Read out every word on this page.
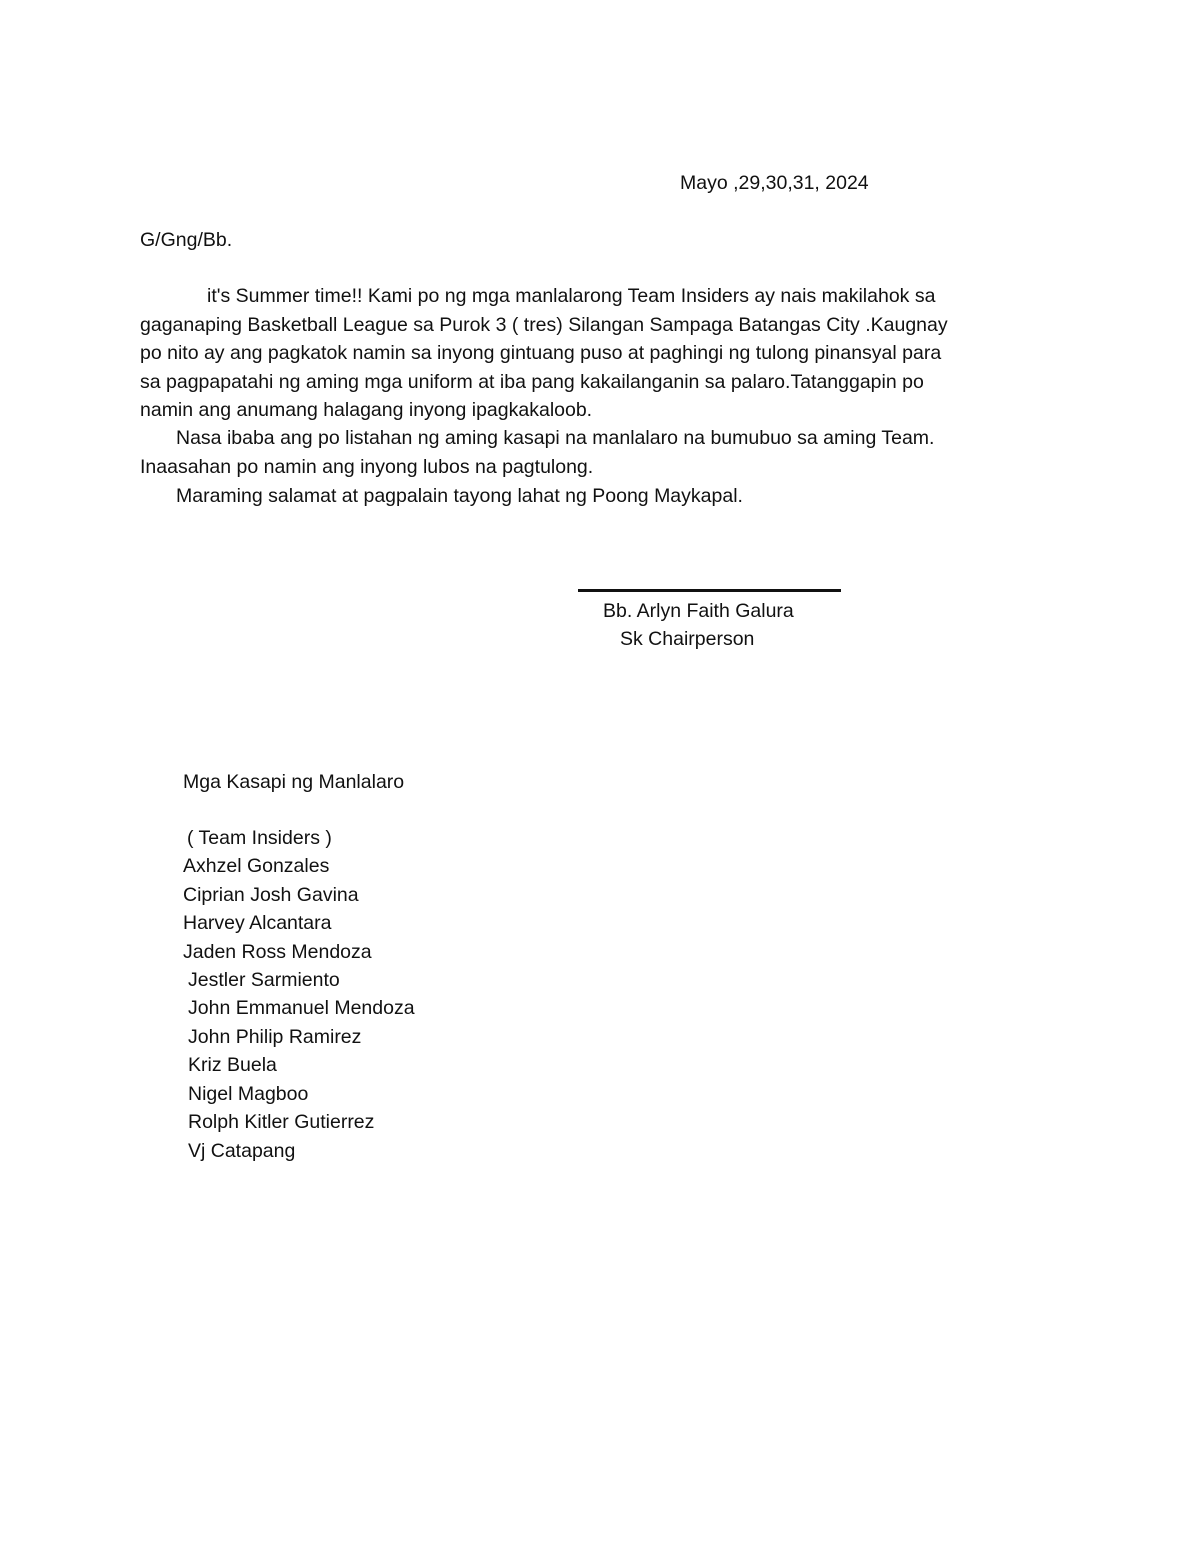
Mayo ,29,30,31, 2024

G/Gng/Bb.

it's Summer time!! Kami po ng mga manlalarong Team Insiders ay nais makilahok sa

gaganaping Basketball League sa Purok 3 ( tres) Silangan Sampaga Batangas City .Kaugnay

po nito ay ang pagkatok namin sa inyong gintuang puso at paghingi ng tulong pinansyal para

sa pagpapatahi ng aming mga uniform at iba pang kakailanganin sa palaro.Tatanggapin po

namin ang anumang halagang inyong ipagkakaloob.

Nasa ibaba ang po listahan ng aming kasapi na manlalaro na bumubuo sa aming Team.

Inaasahan po namin ang inyong lubos na pagtulong.

Maraming salamat at pagpalain tayong lahat ng Poong Maykapal.

Bb. Arlyn Faith Galura

Sk Chairperson

Mga Kasapi ng Manlalaro

( Team Insiders )

Axhzel Gonzales

Ciprian Josh Gavina

Harvey Alcantara

Jaden Ross Mendoza

Jestler Sarmiento

John Emmanuel Mendoza

John Philip Ramirez

Kriz Buela

Nigel Magboo

Rolph Kitler Gutierrez

Vj Catapang
